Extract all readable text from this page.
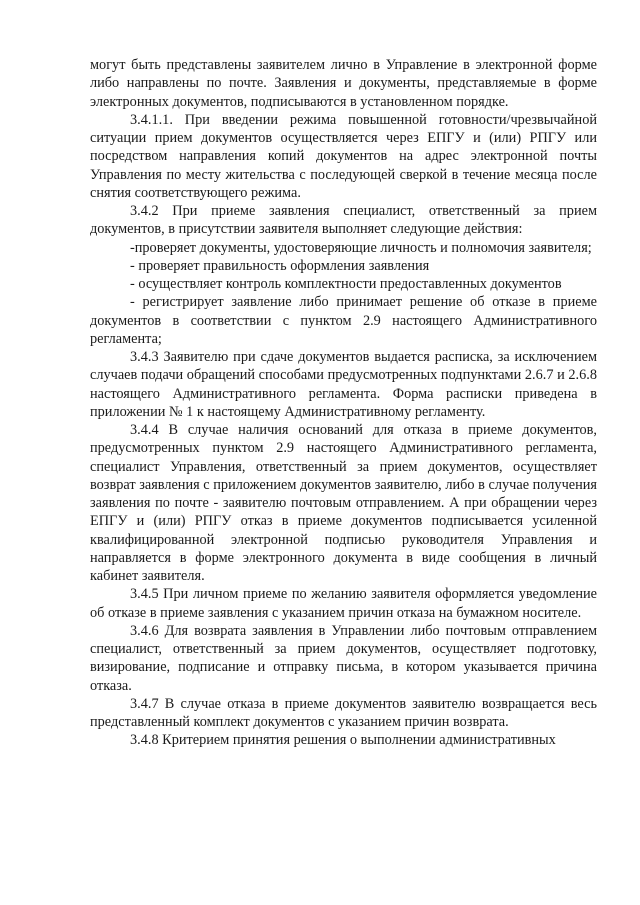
могут быть представлены заявителем лично в Управление в электронной форме либо направлены по почте. Заявления и документы, представляемые в форме электронных документов, подписываются в установленном порядке.

3.4.1.1. При введении режима повышенной готовности/чрезвычайной ситуации прием документов осуществляется через ЕПГУ и (или) РПГУ или посредством направления копий документов на адрес электронной почты Управления по месту жительства с последующей сверкой в течение месяца после снятия соответствующего режима.

3.4.2 При приеме заявления специалист, ответственный за прием документов, в присутствии заявителя выполняет следующие действия:

-проверяет документы, удостоверяющие личность и полномочия заявителя;

- проверяет правильность оформления заявления

- осуществляет контроль комплектности предоставленных документов

- регистрирует заявление либо принимает решение об отказе в приеме документов в соответствии с пунктом 2.9 настоящего Административного регламента;

3.4.3 Заявителю при сдаче документов выдается расписка, за исключением случаев подачи обращений способами предусмотренных подпунктами 2.6.7 и 2.6.8 настоящего Административного регламента. Форма расписки приведена в приложении № 1 к настоящему Административному регламенту.

3.4.4 В случае наличия оснований для отказа в приеме документов, предусмотренных пунктом 2.9 настоящего Административного регламента, специалист Управления, ответственный за прием документов, осуществляет возврат заявления с приложением документов заявителю, либо в случае получения заявления по почте - заявителю почтовым отправлением. А при обращении через ЕПГУ и (или) РПГУ отказ в приеме документов подписывается усиленной квалифицированной электронной подписью руководителя Управления и направляется в форме электронного документа в виде сообщения в личный кабинет заявителя.

3.4.5 При личном приеме по желанию заявителя оформляется уведомление об отказе в приеме заявления с указанием причин отказа на бумажном носителе.

3.4.6 Для возврата заявления в Управлении либо почтовым отправлением специалист, ответственный за прием документов, осуществляет подготовку, визирование, подписание и отправку письма, в котором указывается причина отказа.

3.4.7 В случае отказа в приеме документов заявителю возвращается весь представленный комплект документов с указанием причин возврата.

3.4.8 Критерием принятия решения о выполнении административных
